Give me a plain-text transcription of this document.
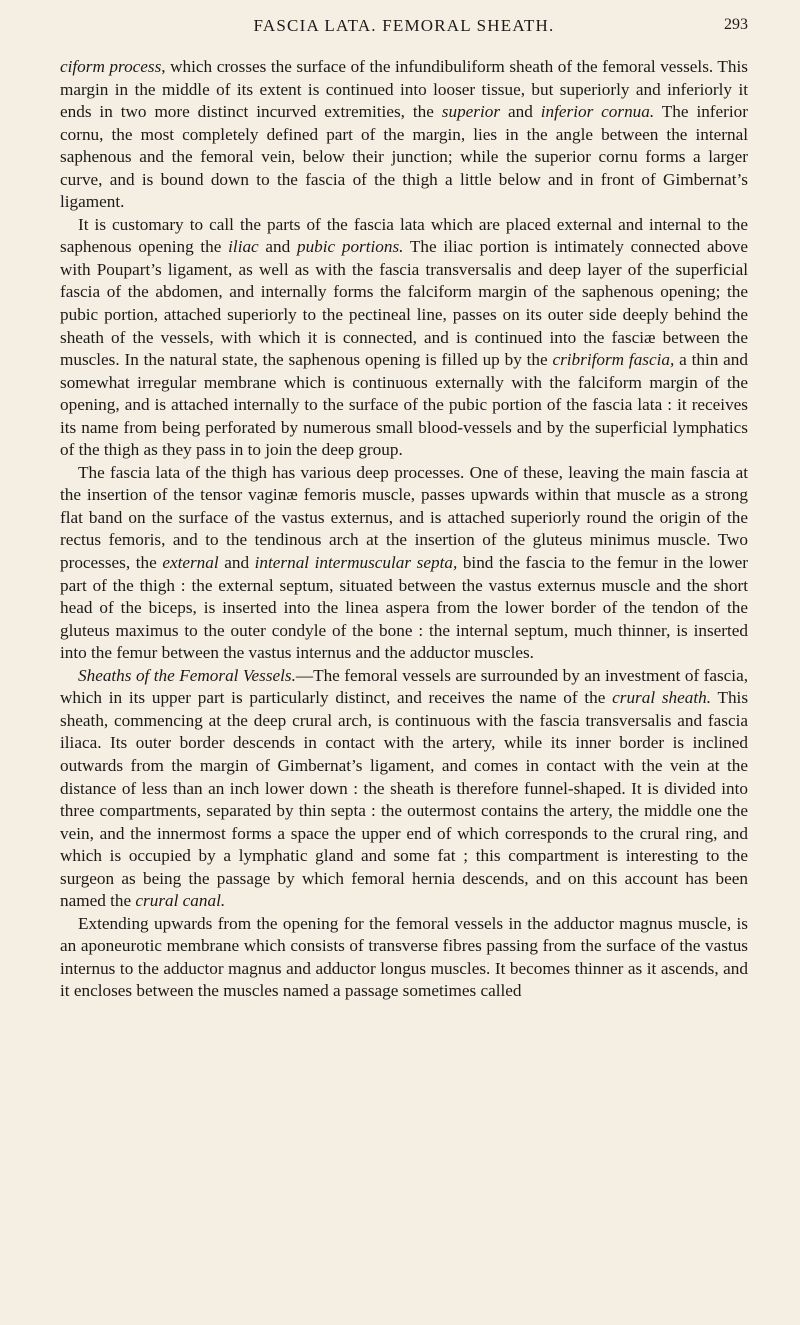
FASCIA LATA. FEMORAL SHEATH.	293

ciform process, which crosses the surface of the infundibuliform sheath of the femoral vessels. This margin in the middle of its extent is continued into looser tissue, but superiorly and inferiorly it ends in two more distinct incurved extremities, the superior and inferior cornua. The inferior cornu, the most completely defined part of the margin, lies in the angle between the internal saphenous and the femoral vein, below their junction; while the superior cornu forms a larger curve, and is bound down to the fascia of the thigh a little below and in front of Gimbernat’s ligament.

It is customary to call the parts of the fascia lata which are placed external and internal to the saphenous opening the iliac and pubic portions. The iliac portion is intimately connected above with Poupart’s ligament, as well as with the fascia transversalis and deep layer of the superficial fascia of the abdomen, and internally forms the falciform margin of the saphenous opening; the pubic portion, attached superiorly to the pectineal line, passes on its outer side deeply behind the sheath of the vessels, with which it is connected, and is continued into the fasciæ between the muscles. In the natural state, the saphenous opening is filled up by the cribriform fascia, a thin and somewhat irregular membrane which is continuous externally with the falciform margin of the opening, and is attached internally to the surface of the pubic portion of the fascia lata : it receives its name from being perforated by numerous small blood-vessels and by the superficial lymphatics of the thigh as they pass in to join the deep group.

The fascia lata of the thigh has various deep processes. One of these, leaving the main fascia at the insertion of the tensor vaginæ femoris muscle, passes upwards within that muscle as a strong flat band on the surface of the vastus externus, and is attached superiorly round the origin of the rectus femoris, and to the tendinous arch at the insertion of the gluteus minimus muscle. Two processes, the external and internal intermuscular septa, bind the fascia to the femur in the lower part of the thigh : the external septum, situated between the vastus externus muscle and the short head of the biceps, is inserted into the linea aspera from the lower border of the tendon of the gluteus maximus to the outer condyle of the bone : the internal septum, much thinner, is inserted into the femur between the vastus internus and the adductor muscles.

Sheaths of the Femoral Vessels.—The femoral vessels are surrounded by an investment of fascia, which in its upper part is particularly distinct, and receives the name of the crural sheath. This sheath, commencing at the deep crural arch, is continuous with the fascia transversalis and fascia iliaca. Its outer border descends in contact with the artery, while its inner border is inclined outwards from the margin of Gimbernat’s ligament, and comes in contact with the vein at the distance of less than an inch lower down : the sheath is therefore funnel-shaped. It is divided into three compartments, separated by thin septa : the outermost contains the artery, the middle one the vein, and the innermost forms a space the upper end of which corresponds to the crural ring, and which is occupied by a lymphatic gland and some fat ; this compartment is interesting to the surgeon as being the passage by which femoral hernia descends, and on this account has been named the crural canal.

Extending upwards from the opening for the femoral vessels in the adductor magnus muscle, is an aponeurotic membrane which consists of transverse fibres passing from the surface of the vastus internus to the adductor magnus and adductor longus muscles. It becomes thinner as it ascends, and it encloses between the muscles named a passage sometimes called
